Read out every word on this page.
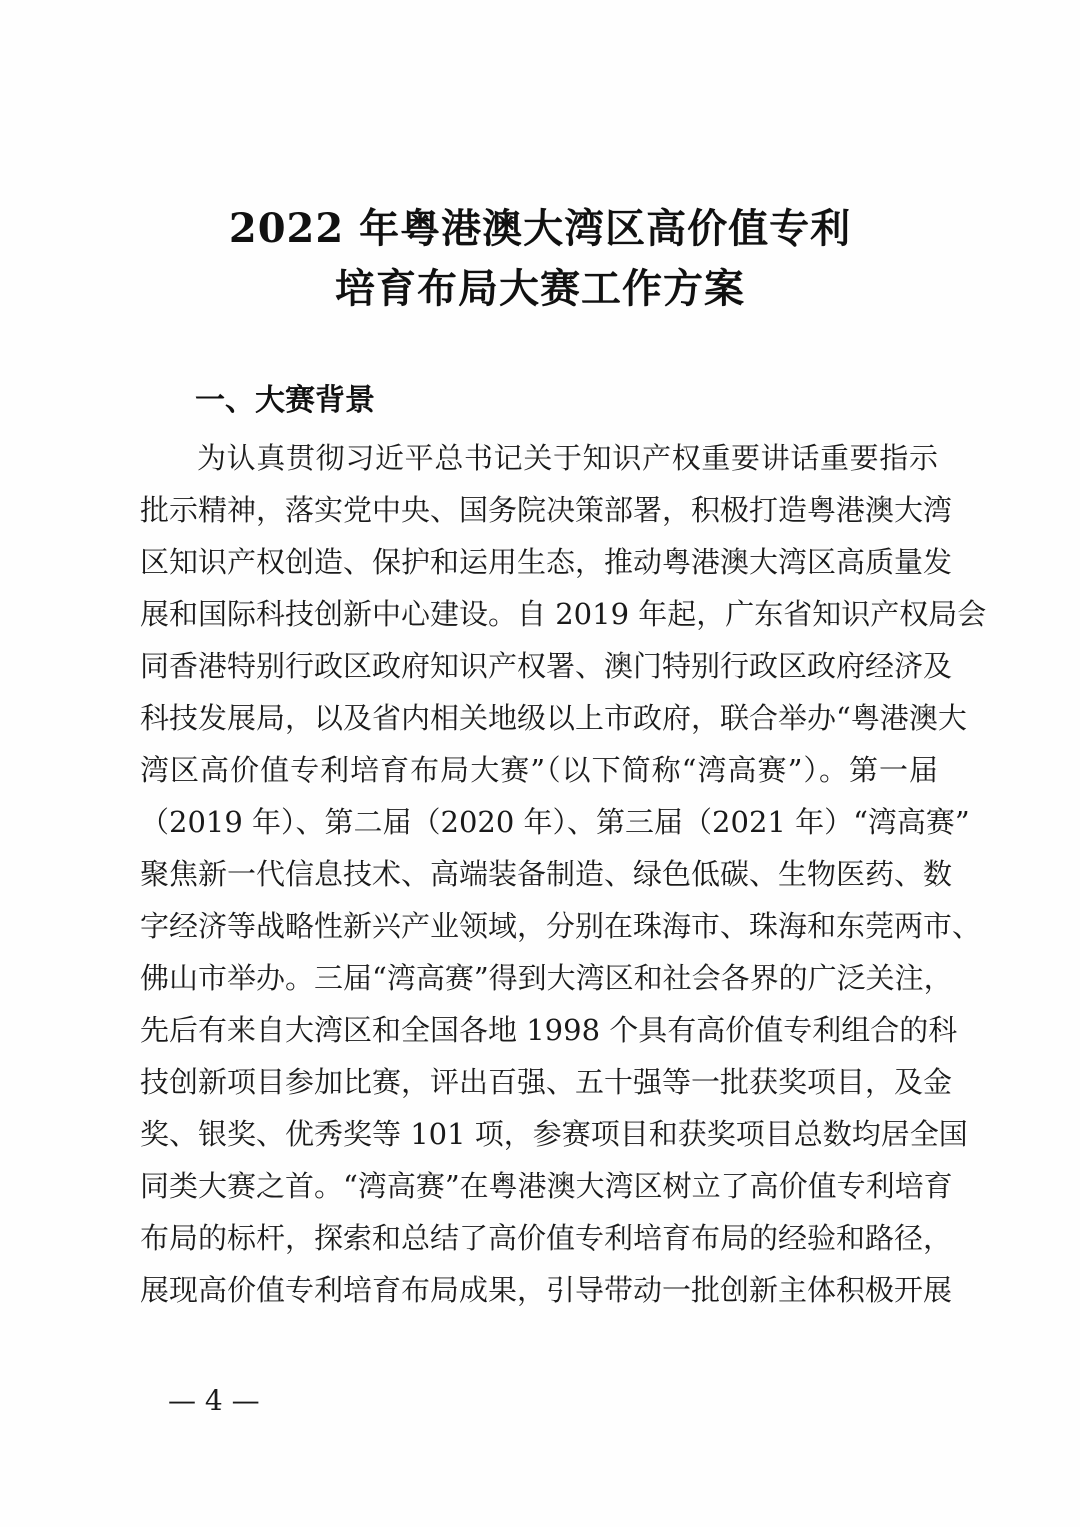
2022 年粤港澳大湾区高价值专利
培育布局大赛工作方案
一、大赛背景
为认真贯彻习近平总书记关于知识产权重要讲话重要指示
批示精神，落实党中央、国务院决策部署，积极打造粤港澳大湾
区知识产权创造、保护和运用生态，推动粤港澳大湾区高质量发
展和国际科技创新中心建设。自 2019 年起，广东省知识产权局会
同香港特别行政区政府知识产权署、澳门特别行政区政府经济及
科技发展局，以及省内相关地级以上市政府，联合举办“粤港澳大
湾区高价值专利培育布局大赛”（以下简称“湾高赛”）。第一届
（2019 年）、第二届（2020 年）、第三届（2021 年）“湾高赛”
聚焦新一代信息技术、高端装备制造、绿色低碳、生物医药、数
字经济等战略性新兴产业领域，分别在珠海市、珠海和东莞两市、
佛山市举办。三届“湾高赛”得到大湾区和社会各界的广泛关注，
先后有来自大湾区和全国各地 1998 个具有高价值专利组合的科
技创新项目参加比赛，评出百强、五十强等一批获奖项目，及金
奖、银奖、优秀奖等 101 项，参赛项目和获奖项目总数均居全国
同类大赛之首。“湾高赛”在粤港澳大湾区树立了高价值专利培育
布局的标杆，探索和总结了高价值专利培育布局的经验和路径，
展现高价值专利培育布局成果，引导带动一批创新主体积极开展
— 4 —
